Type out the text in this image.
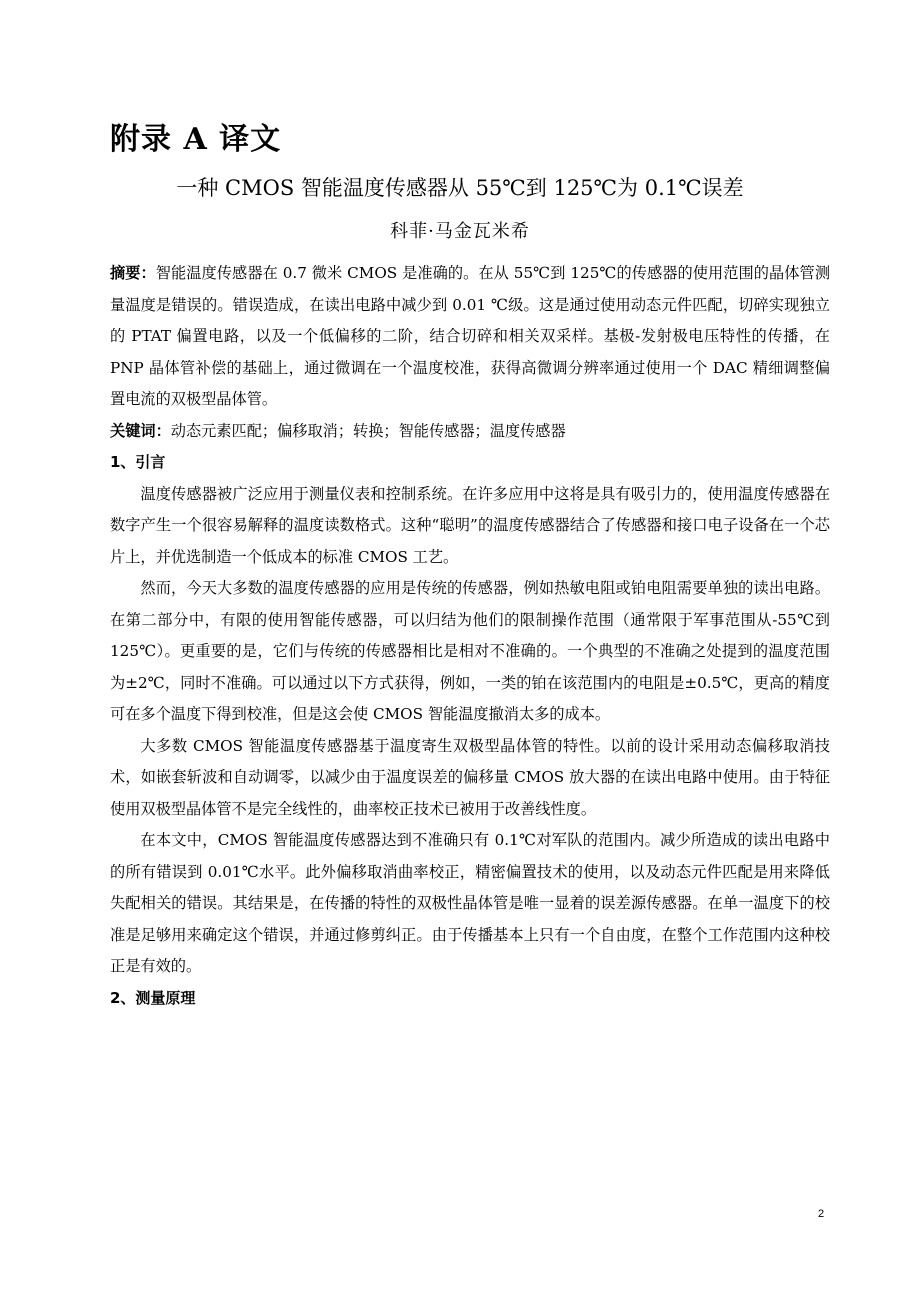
附录 A 译文
一种 CMOS 智能温度传感器从 55℃到 125℃为 0.1℃误差
科菲·马金瓦米希

摘要：智能温度传感器在 0.7 微米 CMOS 是准确的。在从 55℃到 125℃的传感器的使用范围的晶体管测量温度是错误的。错误造成，在读出电路中减少到 0.01 ℃级。这是通过使用动态元件匹配，切碎实现独立的 PTAT 偏置电路，以及一个低偏移的二阶，结合切碎和相关双采样。基极-发射极电压特性的传播，在 PNP 晶体管补偿的基础上，通过微调在一个温度校准，获得高微调分辨率通过使用一个 DAC 精细调整偏置电流的双极型晶体管。

关键词：动态元素匹配；偏移取消；转换；智能传感器；温度传感器

1、引言

温度传感器被广泛应用于测量仪表和控制系统。在许多应用中这将是具有吸引力的，使用温度传感器在数字产生一个很容易解释的温度读数格式。这种“聪明”的温度传感器结合了传感器和接口电子设备在一个芯片上，并优选制造一个低成本的标准 CMOS 工艺。

然而，今天大多数的温度传感器的应用是传统的传感器，例如热敏电阻或铂电阻需要单独的读出电路。在第二部分中，有限的使用智能传感器，可以归结为他们的限制操作范围（通常限于军事范围从-55℃到 125℃）。更重要的是，它们与传统的传感器相比是相对不准确的。一个典型的不准确之处提到的温度范围为±2℃，同时不准确。可以通过以下方式获得，例如，一类的铂在该范围内的电阻是±0.5℃，更高的精度可在多个温度下得到校准，但是这会使 CMOS 智能温度撤消太多的成本。

大多数 CMOS 智能温度传感器基于温度寄生双极型晶体管的特性。以前的设计采用动态偏移取消技术，如嵌套斩波和自动调零，以减少由于温度误差的偏移量 CMOS 放大器的在读出电路中使用。由于特征使用双极型晶体管不是完全线性的，曲率校正技术已被用于改善线性度。

在本文中，CMOS 智能温度传感器达到不准确只有 0.1℃对军队的范围内。减少所造成的读出电路中的所有错误到 0.01℃水平。此外偏移取消曲率校正，精密偏置技术的使用，以及动态元件匹配是用来降低失配相关的错误。其结果是，在传播的特性的双极性晶体管是唯一显着的误差源传感器。在单一温度下的校准是足够用来确定这个错误，并通过修剪纠正。由于传播基本上只有一个自由度，在整个工作范围内这种校正是有效的。

2、测量原理

2
